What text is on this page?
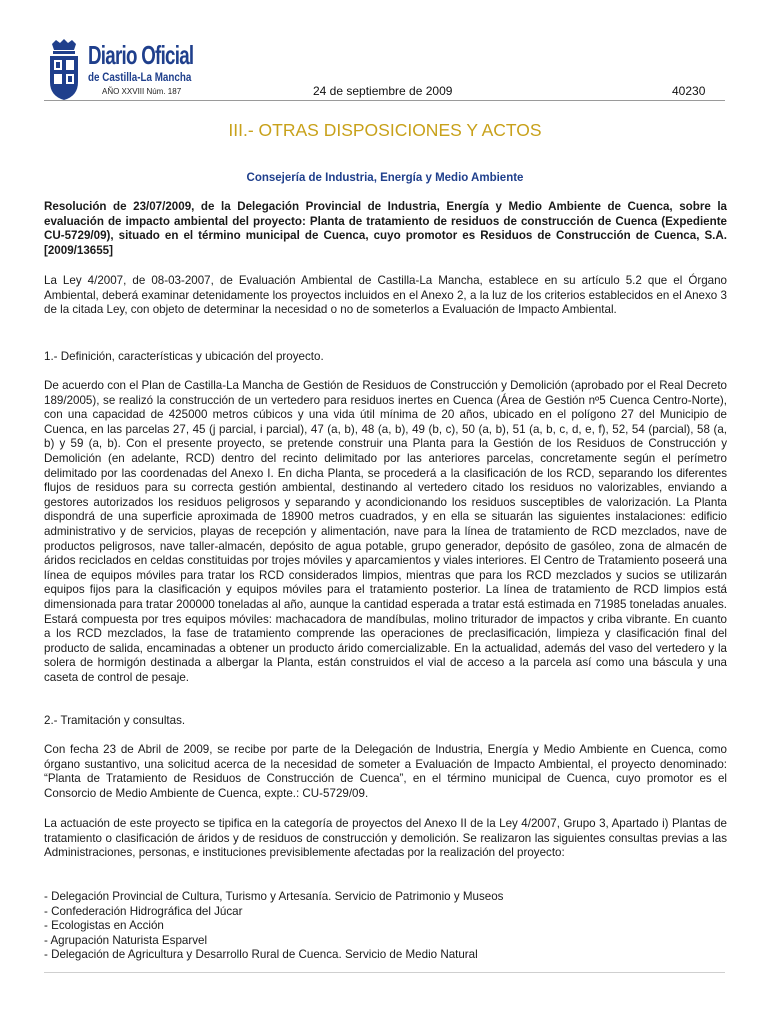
Diario Oficial
de Castilla-La Mancha
AÑO XXVIII Núm. 187	24 de septiembre de 2009	40230
III.- OTRAS DISPOSICIONES Y ACTOS
Consejería de Industria, Energía y Medio Ambiente
Resolución de 23/07/2009, de la Delegación Provincial de Industria, Energía y Medio Ambiente de Cuenca, sobre la evaluación de impacto ambiental del proyecto: Planta de tratamiento de residuos de construcción de Cuenca (Expediente CU-5729/09), situado en el término municipal de Cuenca, cuyo promotor es Residuos de Construcción de Cuenca, S.A. [2009/13655]
La Ley 4/2007, de 08-03-2007, de Evaluación Ambiental de Castilla-La Mancha, establece en su artículo 5.2 que el Órgano Ambiental, deberá examinar detenidamente los proyectos incluidos en el Anexo 2, a la luz de los criterios establecidos en el Anexo 3 de la citada Ley, con objeto de determinar la necesidad o no de someterlos a Evaluación de Impacto Ambiental.
1.- Definición, características y ubicación del proyecto.
De acuerdo con el Plan de Castilla-La Mancha de Gestión de Residuos de Construcción y Demolición (aprobado por el Real Decreto 189/2005), se realizó la construcción de un vertedero para residuos inertes en Cuenca (Área de Gestión nº5 Cuenca Centro-Norte), con una capacidad de 425000 metros cúbicos y una vida útil mínima de 20 años, ubicado en el polígono 27 del Municipio de Cuenca, en las parcelas 27, 45 (j parcial, i parcial), 47 (a, b), 48 (a, b), 49 (b, c), 50 (a, b), 51 (a, b, c, d, e, f), 52, 54 (parcial), 58 (a, b) y 59 (a, b). Con el presente proyecto, se pretende construir una Planta para la Gestión de los Residuos de Construcción y Demolición (en adelante, RCD) dentro del recinto delimitado por las anteriores parcelas, concretamente según el perímetro delimitado por las coordenadas del Anexo I. En dicha Planta, se procederá a la clasificación de los RCD, separando los diferentes flujos de residuos para su correcta gestión ambiental, destinando al vertedero citado los residuos no valorizables, enviando a gestores autorizados los residuos peligrosos y separando y acondicionando los residuos susceptibles de valorización. La Planta dispondrá de una superficie aproximada de 18900 metros cuadrados, y en ella se situarán las siguientes instalaciones: edificio administrativo y de servicios, playas de recepción y alimentación, nave para la línea de tratamiento de RCD mezclados, nave de productos peligrosos, nave taller-almacén, depósito de agua potable, grupo generador, depósito de gasóleo, zona de almacén de áridos reciclados en celdas constituidas por trojes móviles y aparcamientos y viales interiores. El Centro de Tratamiento poseerá una línea de equipos móviles para tratar los RCD considerados limpios, mientras que para los RCD mezclados y sucios se utilizarán equipos fijos para la clasificación y equipos móviles para el tratamiento posterior. La línea de tratamiento de RCD limpios está dimensionada para tratar 200000 toneladas al año, aunque la cantidad esperada a tratar está estimada en 71985 toneladas anuales. Estará compuesta por tres equipos móviles: machacadora de mandíbulas, molino triturador de impactos y criba vibrante. En cuanto a los RCD mezclados, la fase de tratamiento comprende las operaciones de preclasificación, limpieza y clasificación final del producto de salida, encaminadas a obtener un producto árido comercializable. En la actualidad, además del vaso del vertedero y la solera de hormigón destinada a albergar la Planta, están construidos el vial de acceso a la parcela así como una báscula y una caseta de control de pesaje.
2.- Tramitación y consultas.
Con fecha 23 de Abril de 2009, se recibe por parte de la Delegación de Industria, Energía y Medio Ambiente en Cuenca, como órgano sustantivo, una solicitud acerca de la necesidad de someter a Evaluación de Impacto Ambiental, el proyecto denominado: “Planta de Tratamiento de Residuos de Construcción de Cuenca”, en el término municipal de Cuenca, cuyo promotor es el Consorcio de Medio Ambiente de Cuenca, expte.: CU-5729/09.
La actuación de este proyecto se tipifica en la categoría de proyectos del Anexo II de la Ley 4/2007, Grupo 3, Apartado i) Plantas de tratamiento o clasificación de áridos y de residuos de construcción y demolición. Se realizaron las siguientes consultas previas a las Administraciones, personas, e instituciones previsiblemente afectadas por la realización del proyecto:
- Delegación Provincial de Cultura, Turismo y Artesanía. Servicio de Patrimonio y Museos
- Confederación Hidrográfica del Júcar
- Ecologistas en Acción
- Agrupación Naturista Esparvel
- Delegación de Agricultura y Desarrollo Rural de Cuenca. Servicio de Medio Natural
